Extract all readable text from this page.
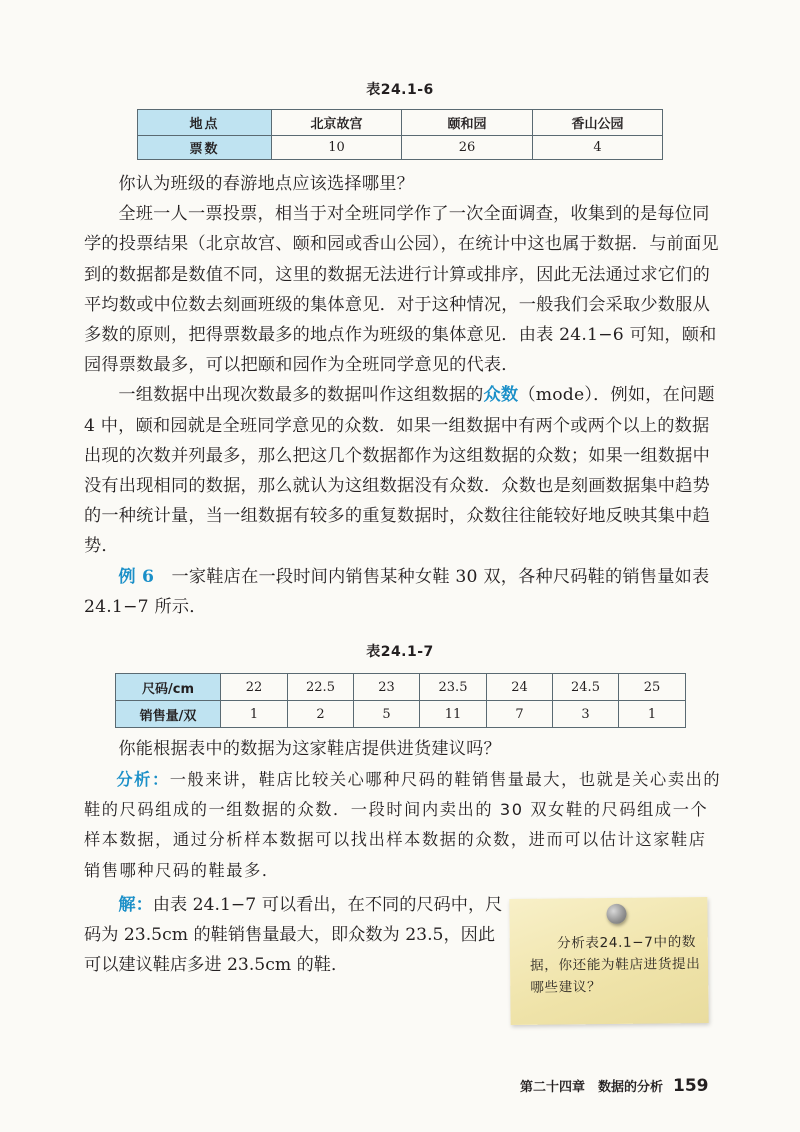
表24.1-6
地点	北京故宫	颐和园	香山公园
票数	10	26	4

你认为班级的春游地点应该选择哪里？

全班一人一票投票，相当于对全班同学作了一次全面调查，收集到的是每位同学的投票结果（北京故宫、颐和园或香山公园），在统计中这也属于数据．与前面见到的数据都是数值不同，这里的数据无法进行计算或排序，因此无法通过求它们的平均数或中位数去刻画班级的集体意见．对于这种情况，一般我们会采取少数服从多数的原则，把得票数最多的地点作为班级的集体意见．由表 24.1−6 可知，颐和园得票数最多，可以把颐和园作为全班同学意见的代表．

一组数据中出现次数最多的数据叫作这组数据的众数（mode）．例如，在问题 4 中，颐和园就是全班同学意见的众数．如果一组数据中有两个或两个以上的数据出现的次数并列最多，那么把这几个数据都作为这组数据的众数；如果一组数据中没有出现相同的数据，那么就认为这组数据没有众数．众数也是刻画数据集中趋势的一种统计量，当一组数据有较多的重复数据时，众数往往能较好地反映其集中趋势．

例 6　 一家鞋店在一段时间内销售某种女鞋 30 双，各种尺码鞋的销售量如表 24.1−7 所示．

表24.1-7
尺码/cm	22	22.5	23	23.5	24	24.5	25
销售量/双	1	2	5	11	7	3	1

你能根据表中的数据为这家鞋店提供进货建议吗？

分析：一般来讲，鞋店比较关心哪种尺码的鞋销售量最大，也就是关心卖出的鞋的尺码组成的一组数据的众数．一段时间内卖出的 30 双女鞋的尺码组成一个样本数据，通过分析样本数据可以找出样本数据的众数，进而可以估计这家鞋店销售哪种尺码的鞋最多．

解：由表 24.1−7 可以看出，在不同的尺码中，尺码为 23.5cm 的鞋销售量最大，即众数为 23.5，因此可以建议鞋店多进 23.5cm 的鞋．

分析表24.1−7中的数据，你还能为鞋店进货提出哪些建议？

第二十四章　数据的分析 159
